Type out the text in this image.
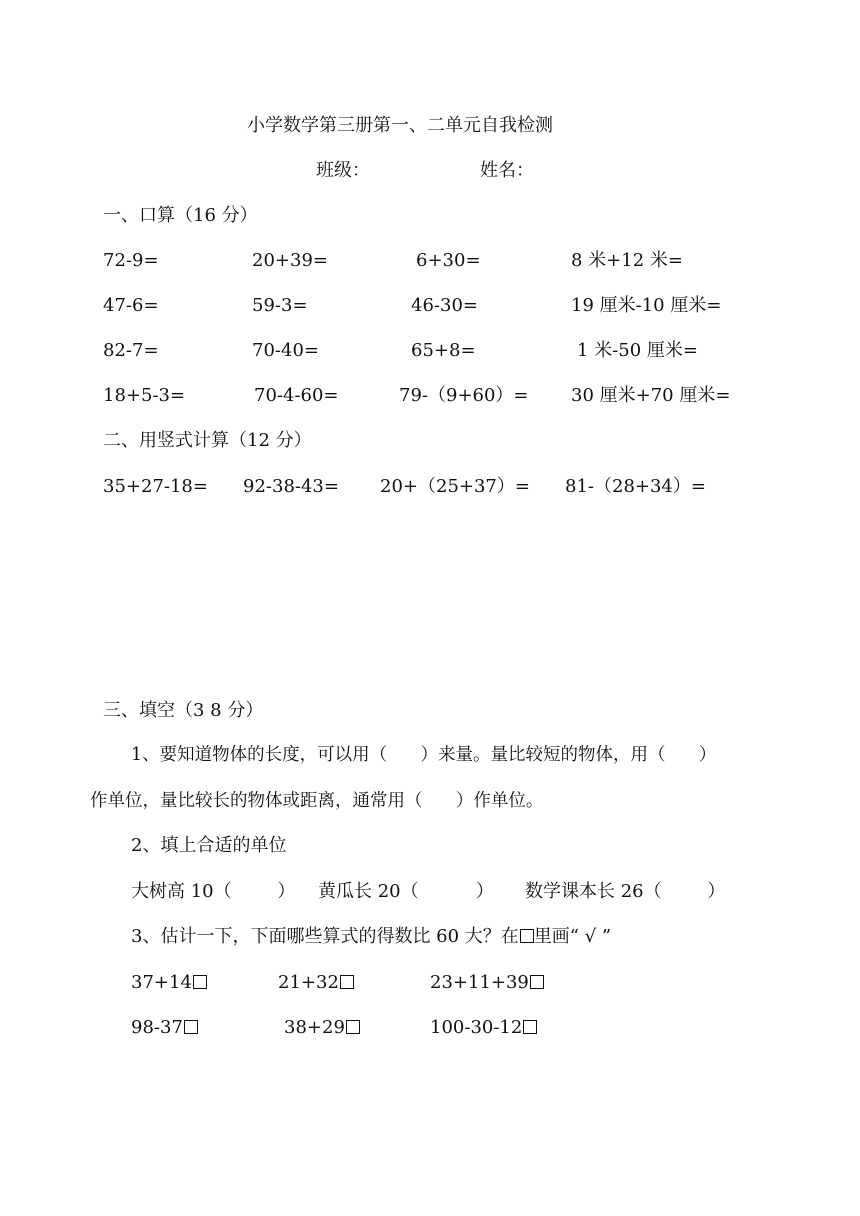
小学数学第三册第一、二单元自我检测
班级：	姓名：
一、口算（16 分）
72-9=	20+39=	6+30=	8 米+12 米=
47-6=	59-3=	46-30=	19 厘米-10 厘米=
82-7=	70-40=	65+8=	1 米-50 厘米=
18+5-3=	70-4-60=	79-（9+60）= 30 厘米+70 厘米=
二、用竖式计算（12 分）
35+27-18= 92-38-43= 20+（25+37）= 81-（28+34）=
三、填空（3 8 分）
1、要知道物体的长度，可以用（      ）来量。量比较短的物体，用（      ）
作单位，量比较长的物体或距离，通常用（      ）作单位。
2、填上合适的单位
大树高 10（        ） 黄瓜长 20（          ） 数学课本长 26（        ）
3、估计一下，下面哪些算式的得数比 60 大？在 里画“ √ ”
37+14	21+32	23+11+39
98-37	38+29	100-30-12
